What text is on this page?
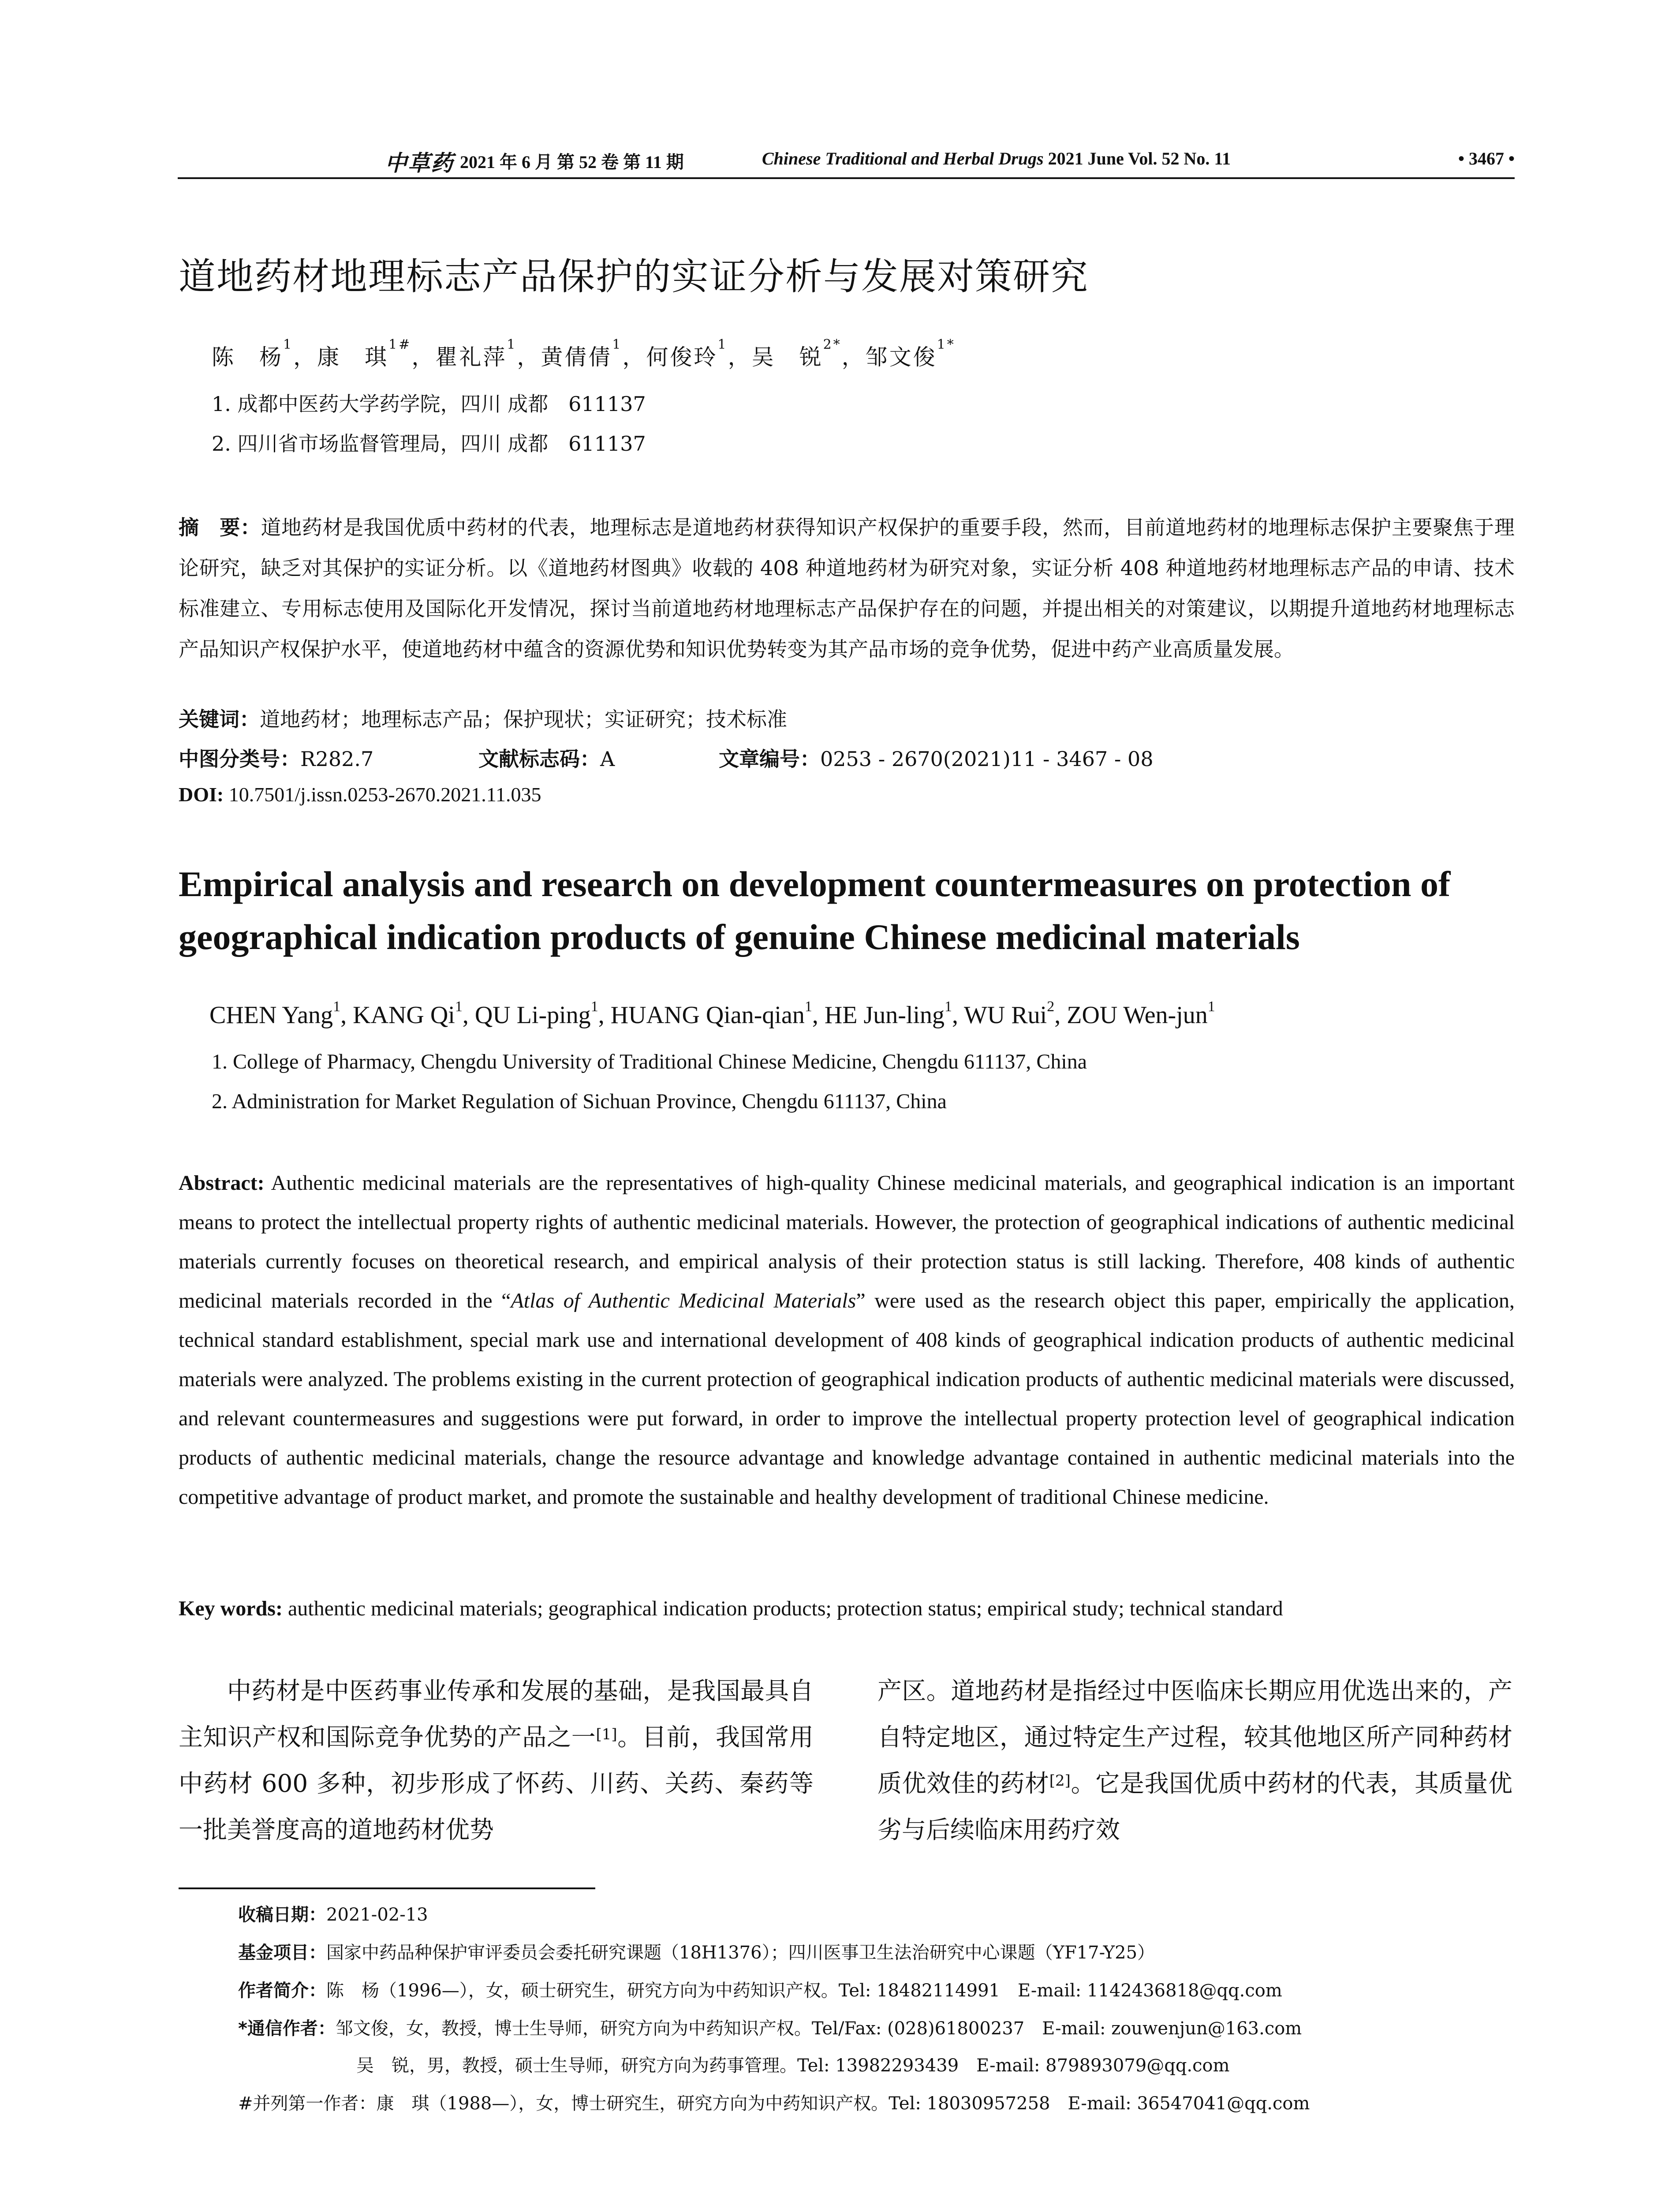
中草药 2021 年 6 月 第 52 卷 第 11 期	Chinese Traditional and Herbal Drugs 2021 June Vol. 52 No. 11	• 3467 •
道地药材地理标志产品保护的实证分析与发展对策研究
陈　杨$^1$，康　琪$^{1\#}$，瞿礼萍$^1$，黄倩倩$^1$，何俊玲$^1$，吴　锐$^{2*}$，邹文俊$^{1*}$
1. 成都中医药大学药学院，四川 成都　611137
2. 四川省市场监督管理局，四川 成都　611137
摘　要：道地药材是我国优质中药材的代表，地理标志是道地药材获得知识产权保护的重要手段，然而，目前道地药材的地理标志保护主要聚焦于理论研究，缺乏对其保护的实证分析。以《道地药材图典》收载的 408 种道地药材为研究对象，实证分析 408 种道地药材地理标志产品的申请、技术标准建立、专用标志使用及国际化开发情况，探讨当前道地药材地理标志产品保护存在的问题，并提出相关的对策建议，以期提升道地药材地理标志产品知识产权保护水平，使道地药材中蕴含的资源优势和知识优势转变为其产品市场的竞争优势，促进中药产业高质量发展。
关键词：道地药材；地理标志产品；保护现状；实证研究；技术标准
中图分类号：R282.7	文献标志码：A	文章编号：0253 - 2670(2021)11 - 3467 - 08
DOI: 10.7501/j.issn.0253-2670.2021.11.035
Empirical analysis and research on development countermeasures on protection of geographical indication products of genuine Chinese medicinal materials
CHEN Yang$^1$, KANG Qi$^1$, QU Li-ping$^1$, HUANG Qian-qian$^1$, HE Jun-ling$^1$, WU Rui$^2$, ZOU Wen-jun$^1$
1. College of Pharmacy, Chengdu University of Traditional Chinese Medicine, Chengdu 611137, China
2. Administration for Market Regulation of Sichuan Province, Chengdu 611137, China
Abstract: Authentic medicinal materials are the representatives of high-quality Chinese medicinal materials, and geographical indication is an important means to protect the intellectual property rights of authentic medicinal materials. However, the protection of geographical indications of authentic medicinal materials currently focuses on theoretical research, and empirical analysis of their protection status is still lacking. Therefore, 408 kinds of authentic medicinal materials recorded in the “Atlas of Authentic Medicinal Materials” were used as the research object this paper, empirically the application, technical standard establishment, special mark use and international development of 408 kinds of geographical indication products of authentic medicinal materials were analyzed. The problems existing in the current protection of geographical indication products of authentic medicinal materials were discussed, and relevant countermeasures and suggestions were put forward, in order to improve the intellectual property protection level of geographical indication products of authentic medicinal materials, change the resource advantage and knowledge advantage contained in authentic medicinal materials into the competitive advantage of product market, and promote the sustainable and healthy development of traditional Chinese medicine.
Key words: authentic medicinal materials; geographical indication products; protection status; empirical study; technical standard
中药材是中医药事业传承和发展的基础，是我国最具自主知识产权和国际竞争优势的产品之一[1]。目前，我国常用中药材 600 多种，初步形成了怀药、川药、关药、秦药等一批美誉度高的道地药材优势
产区。道地药材是指经过中医临床长期应用优选出来的，产自特定地区，通过特定生产过程，较其他地区所产同种药材质优效佳的药材[2]。它是我国优质中药材的代表，其质量优劣与后续临床用药疗效
收稿日期：2021-02-13
基金项目：国家中药品种保护审评委员会委托研究课题（18H1376）；四川医事卫生法治研究中心课题（YF17-Y25）
作者简介：陈　杨（1996—），女，硕士研究生，研究方向为中药知识产权。Tel: 18482114991　E-mail: 1142436818@qq.com
*通信作者：邹文俊，女，教授，博士生导师，研究方向为中药知识产权。Tel/Fax: (028)61800237　E-mail: zouwenjun@163.com
吴　锐，男，教授，硕士生导师，研究方向为药事管理。Tel: 13982293439　E-mail: 879893079@qq.com
#并列第一作者：康　琪（1988—），女，博士研究生，研究方向为中药知识产权。Tel: 18030957258　E-mail: 36547041@qq.com
